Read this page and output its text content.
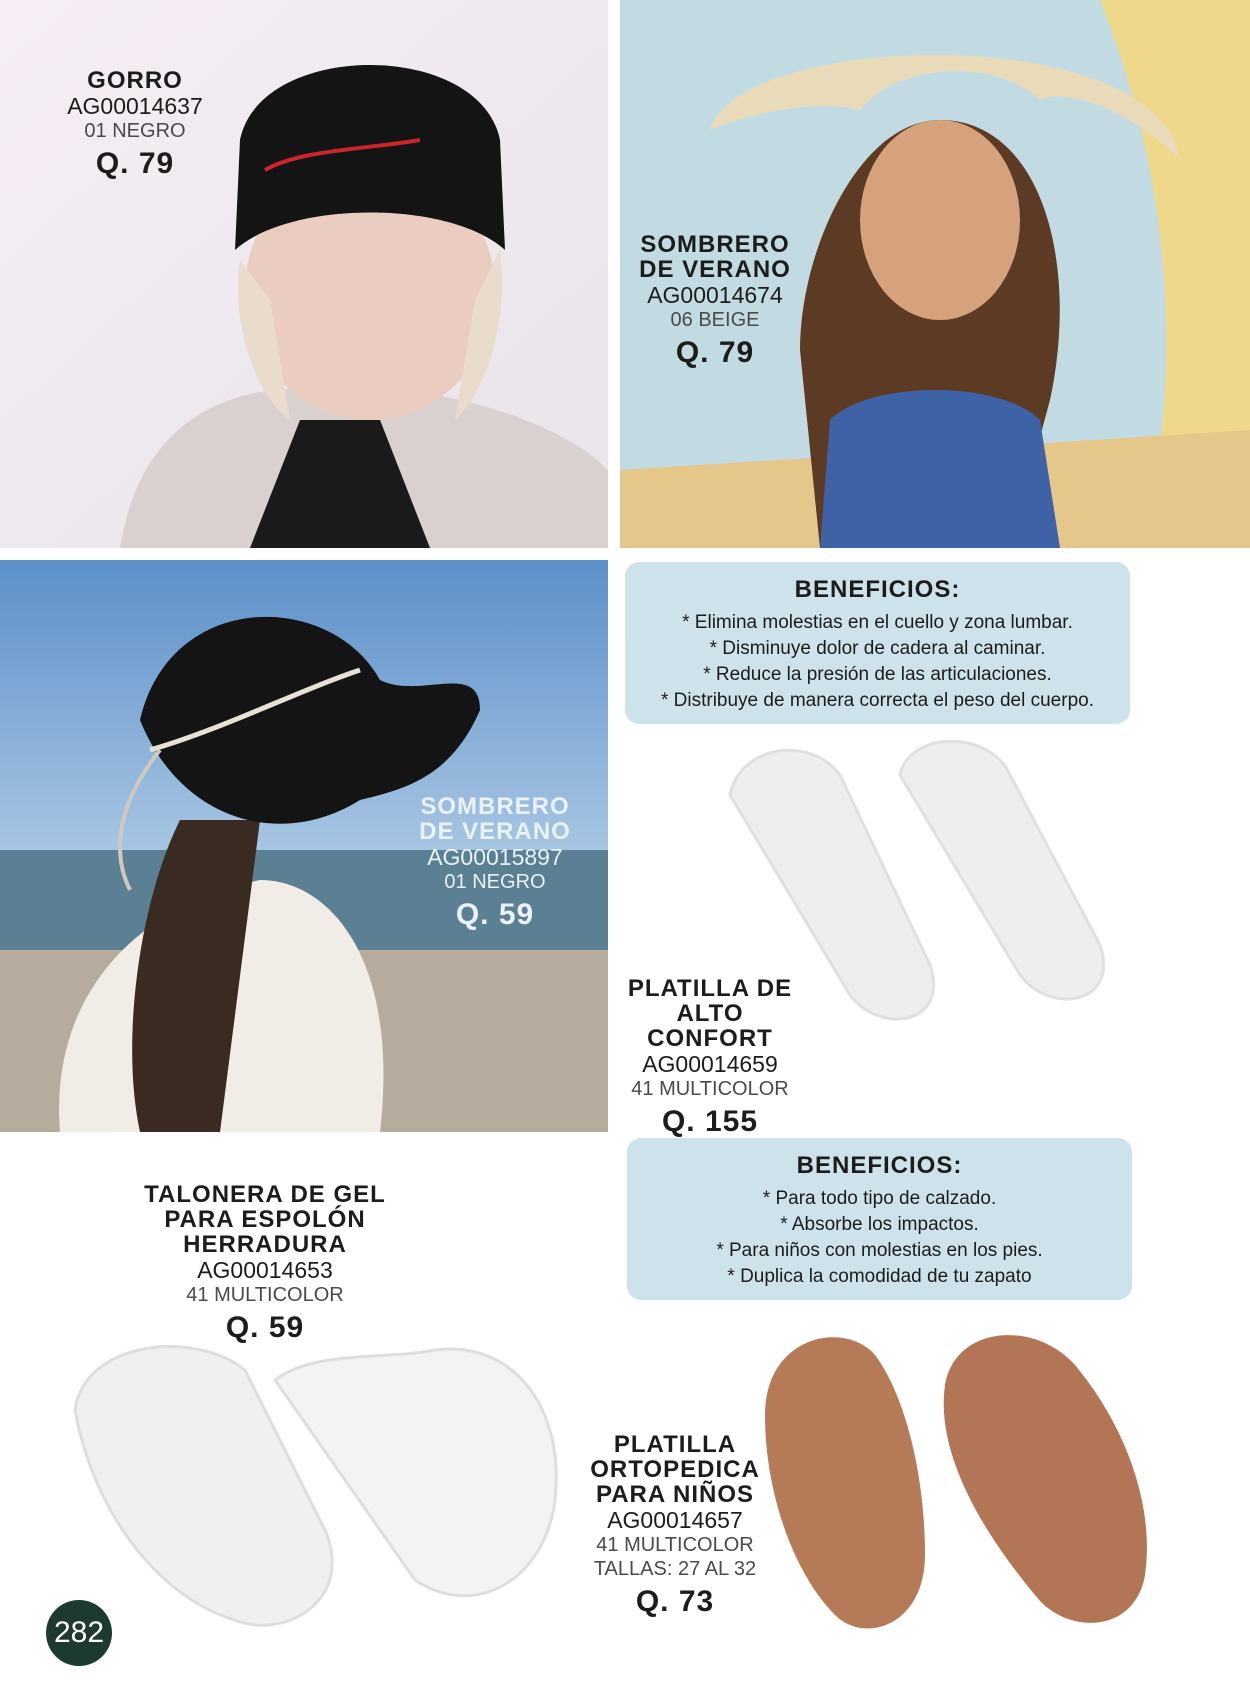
GORRO
AG00014637
01 NEGRO
Q. 79
SOMBRERO
DE VERANO
AG00014674
06 BEIGE
Q. 79
SOMBRERO
DE VERANO
AG00015897
01 NEGRO
Q. 59
BENEFICIOS:
* Elimina molestias en el cuello y zona lumbar.
* Disminuye dolor de cadera al caminar.
* Reduce la presión de las articulaciones.
* Distribuye de manera correcta el peso del cuerpo.
PLATILLA DE
ALTO CONFORT
AG00014659
41 MULTICOLOR
Q. 155
BENEFICIOS:
* Para todo tipo de calzado.
* Absorbe los impactos.
* Para niños con molestias en los pies.
* Duplica la comodidad de tu zapato
TALONERA DE GEL
PARA ESPOLÓN
HERRADURA
AG00014653
41 MULTICOLOR
Q. 59
PLATILLA
ORTOPEDICA
PARA NIÑOS
AG00014657
41 MULTICOLOR
TALLAS: 27 AL 32
Q. 73
282
